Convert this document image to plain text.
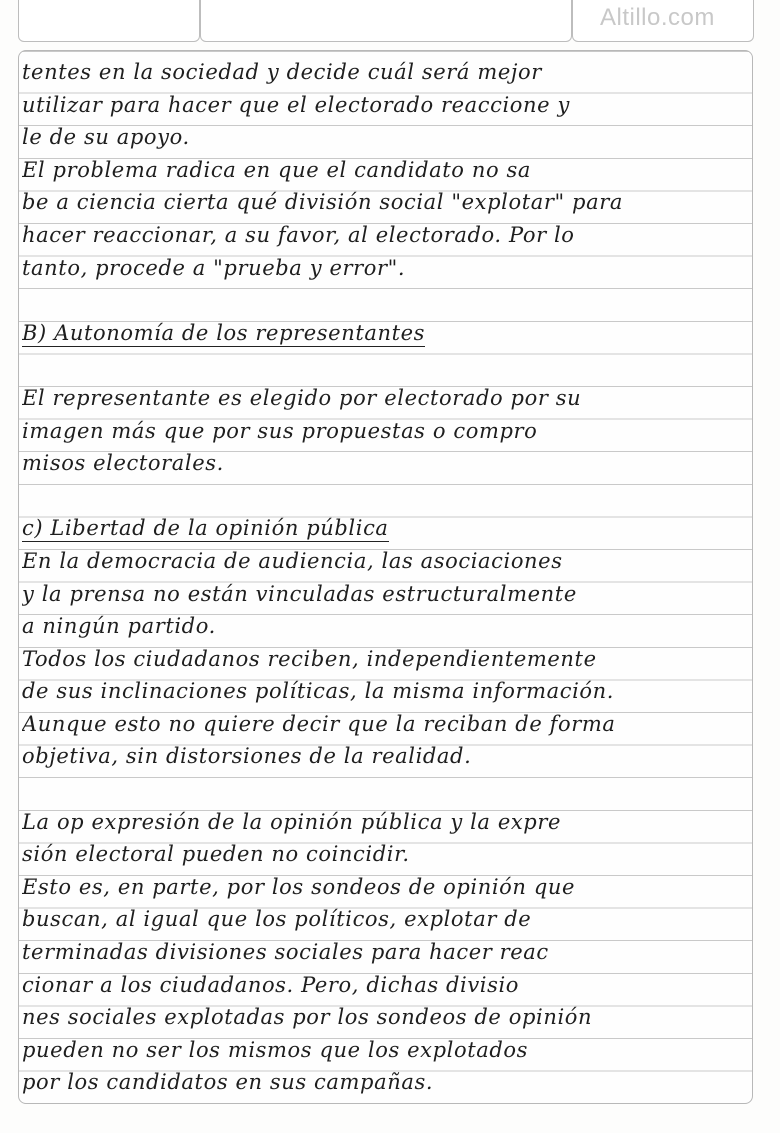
Altillo.com
tentes en la sociedad y decide cuál será mejor
utilizar para hacer que el electorado reaccione y
le de su apoyo.
El problema radica en que el candidato no sa
be a ciencia cierta qué división social "explotar" para
hacer reaccionar, a su favor, al electorado. Por lo
tanto, procede a "prueba y error".
B) Autonomía de los representantes
El representante es elegido por electorado por su
imagen más que por sus propuestas o compro
misos electorales.
c) Libertad de la opinión pública
En la democracia de audiencia, las asociaciones
y la prensa no están vinculadas estructuralmente
a ningún partido.
Todos los ciudadanos reciben, independientemente
de sus inclinaciones políticas, la misma información.
Aunque esto no quiere decir que la reciban de forma
objetiva, sin distorsiones de la realidad.
La op expresión de la opinión pública y la expre
sión electoral pueden no coincidir.
Esto es, en parte, por los sondeos de opinión que
buscan, al igual que los políticos, explotar de
terminadas divisiones sociales para hacer reac
cionar a los ciudadanos. Pero, dichas divisio
nes sociales explotadas por los sondeos de opinión
pueden no ser los mismos que los explotados
por los candidatos en sus campañas.
